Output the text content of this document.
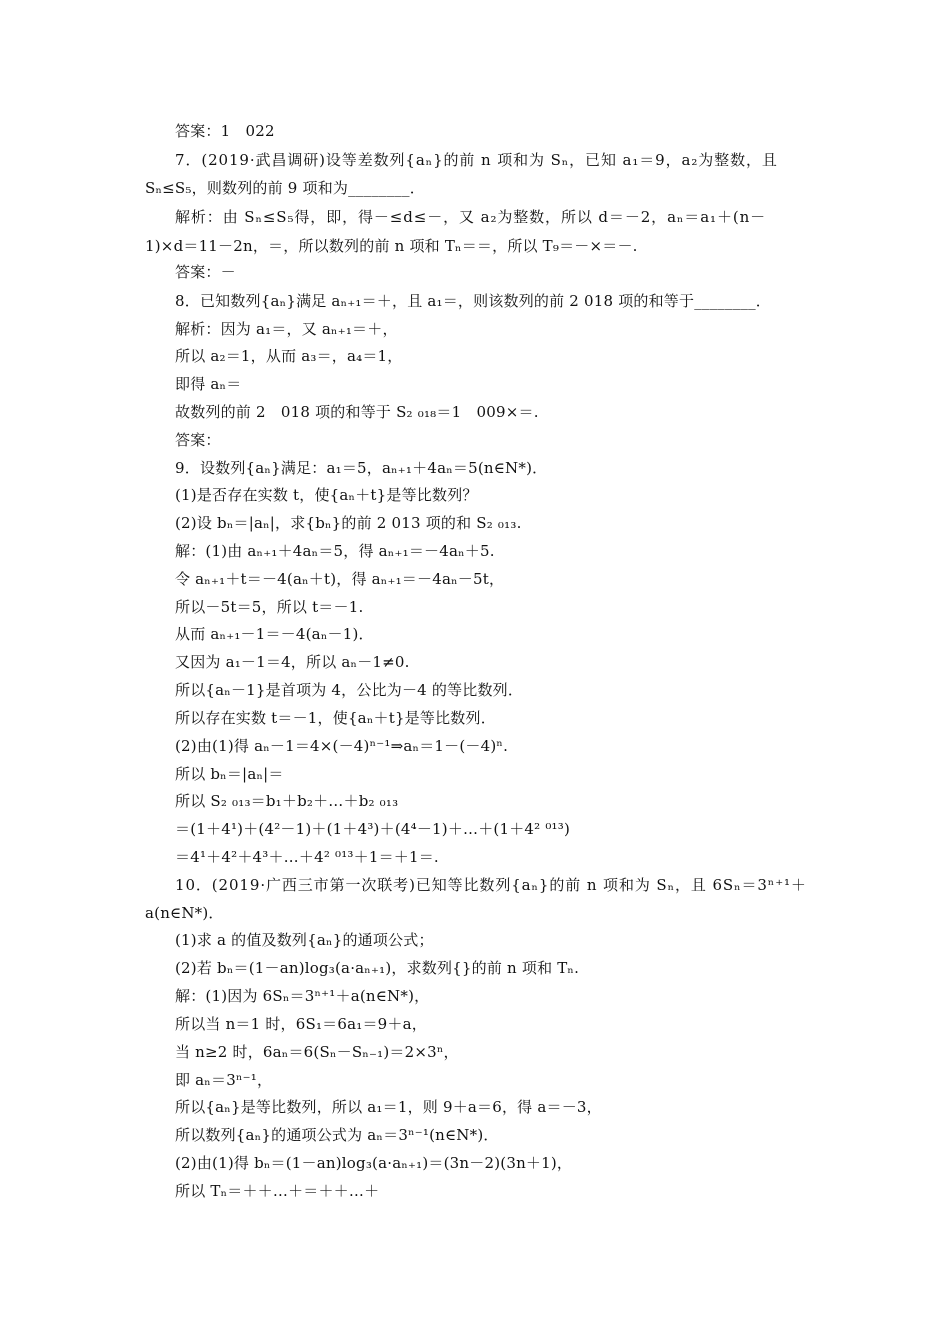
答案：1　022
7．(2019·武昌调研)设等差数列{aₙ}的前 n 项和为 Sₙ，已知 a₁＝9，a₂为整数，且
Sₙ≤S₅，则数列的前 9 项和为________．
解析：由 Sₙ≤S₅得，即，得－≤d≤－，又 a₂为整数，所以 d＝－2，aₙ＝a₁＋(n－
1)×d＝11－2n，＝，所以数列的前 n 项和 Tₙ＝＝，所以 T₉＝－×＝－.
答案：－
8．已知数列{aₙ}满足 aₙ₊₁＝＋，且 a₁＝，则该数列的前 2 018 项的和等于________．
解析：因为 a₁＝，又 aₙ₊₁＝＋，
所以 a₂＝1，从而 a₃＝，a₄＝1，
即得 aₙ＝
故数列的前 2　018 项的和等于 S₂ ₀₁₈＝1　009×＝.
答案：
9．设数列{aₙ}满足：a₁＝5，aₙ₊₁＋4aₙ＝5(n∈N*)．
(1)是否存在实数 t，使{aₙ＋t}是等比数列？
(2)设 bₙ＝|aₙ|，求{bₙ}的前 2 013 项的和 S₂ ₀₁₃.
解：(1)由 aₙ₊₁＋4aₙ＝5，得 aₙ₊₁＝－4aₙ＋5.
令 aₙ₊₁＋t＝－4(aₙ＋t)，得 aₙ₊₁＝－4aₙ－5t，
所以－5t＝5，所以 t＝－1.
从而 aₙ₊₁－1＝－4(aₙ－1)．
又因为 a₁－1＝4，所以 aₙ－1≠0.
所以{aₙ－1}是首项为 4，公比为－4 的等比数列．
所以存在实数 t＝－1，使{aₙ＋t}是等比数列．
(2)由(1)得 aₙ－1＝4×(－4)ⁿ⁻¹⇒aₙ＝1－(－4)ⁿ.
所以 bₙ＝|aₙ|＝
所以 S₂ ₀₁₃＝b₁＋b₂＋…＋b₂ ₀₁₃
＝(1＋4¹)＋(4²－1)＋(1＋4³)＋(4⁴－1)＋…＋(1＋4² ⁰¹³)
＝4¹＋4²＋4³＋…＋4² ⁰¹³＋1＝＋1＝.
10．(2019·广西三市第一次联考)已知等比数列{aₙ}的前 n 项和为 Sₙ，且 6Sₙ＝3ⁿ⁺¹＋
a(n∈N*)．
(1)求 a 的值及数列{aₙ}的通项公式；
(2)若 bₙ＝(1－an)log₃(a·aₙ₊₁)，求数列{}的前 n 项和 Tₙ.
解：(1)因为 6Sₙ＝3ⁿ⁺¹＋a(n∈N*)，
所以当 n＝1 时，6S₁＝6a₁＝9＋a，
当 n≥2 时，6aₙ＝6(Sₙ－Sₙ₋₁)＝2×3ⁿ，
即 aₙ＝3ⁿ⁻¹，
所以{aₙ}是等比数列，所以 a₁＝1，则 9＋a＝6，得 a＝－3，
所以数列{aₙ}的通项公式为 aₙ＝3ⁿ⁻¹(n∈N*)．
(2)由(1)得 bₙ＝(1－an)log₃(a·aₙ₊₁)＝(3n－2)(3n＋1)，
所以 Tₙ＝＋＋…＋＝＋＋…＋
